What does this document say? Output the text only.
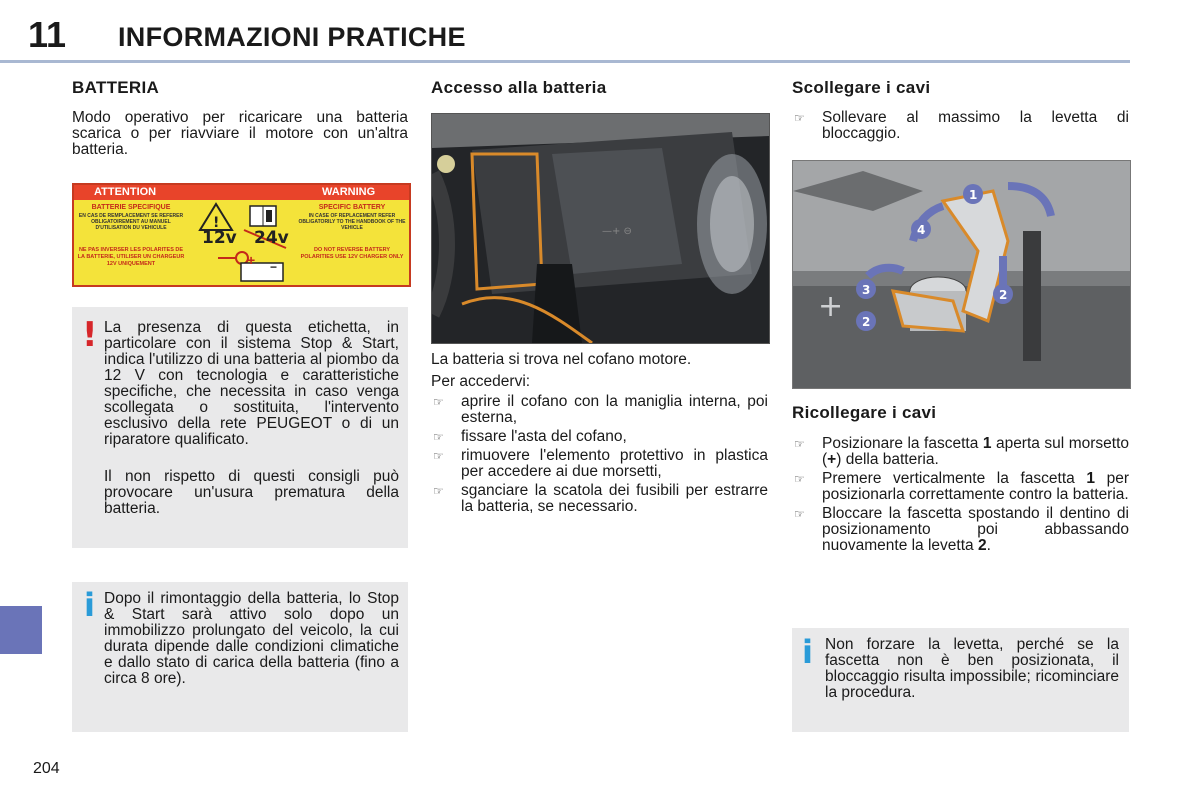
11 INFORMAZIONI PRATICHE
204
BATTERIA
Modo operativo per ricaricare una batteria scarica o per riavviare il motore con un'altra batteria.
ATTENTION	WARNING
BATTERIE SPECIFIQUE
EN CAS DE REMPLACEMENT SE REFERER OBLIGATOIREMENT AU MANUEL D'UTILISATION DU VEHICULE
NE PAS INVERSER LES POLARITES DE LA BATTERIE, UTILISER UN CHARGEUR 12V UNIQUEMENT
SPECIFIC BATTERY
IN CASE OF REPLACEMENT REFER OBLIGATORILY TO THE HANDBOOK OF THE VEHICLE
DO NOT REVERSE BATTERY POLARITIES USE 12V CHARGER ONLY
!
12v 24v
+ −
! La presenza di questa etichetta, in particolare con il sistema Stop & Start, indica l'utilizzo di una batteria al piombo da 12 V con tecnologia e caratteristiche specifiche, che necessita in caso venga scollegata o sostituita, l'intervento esclusivo della rete PEUGEOT o di un riparatore qualificato.
Il non rispetto di questi consigli può provocare un'usura prematura della batteria.
i Dopo il rimontaggio della batteria, lo Stop & Start sarà attivo solo dopo un immobilizzo prolungato del veicolo, la cui durata dipende dalle condizioni climatiche e dallo stato di carica della batteria (fino a circa 8 ore).
Accesso alla batteria
—+ ⊖
La batteria si trova nel cofano motore.
Per accedervi:
☞ aprire il cofano con la maniglia interna, poi esterna,
☞ fissare l'asta del cofano,
☞ rimuovere l'elemento protettivo in plastica per accedere ai due morsetti,
☞ sganciare la scatola dei fusibili per estrarre la batteria, se necessario.
Scollegare i cavi
☞ Sollevare al massimo la levetta di bloccaggio.
+
1
2
3
2
4
Ricollegare i cavi
☞ Posizionare la fascetta 1 aperta sul morsetto (+) della batteria.
☞ Premere verticalmente la fascetta 1 per posizionarla correttamente contro la batteria.
☞ Bloccare la fascetta spostando il dentino di posizionamento poi abbassando nuovamente la levetta 2.
i Non forzare la levetta, perché se la fascetta non è ben posizionata, il bloccaggio risulta impossibile; ricominciare la procedura.
